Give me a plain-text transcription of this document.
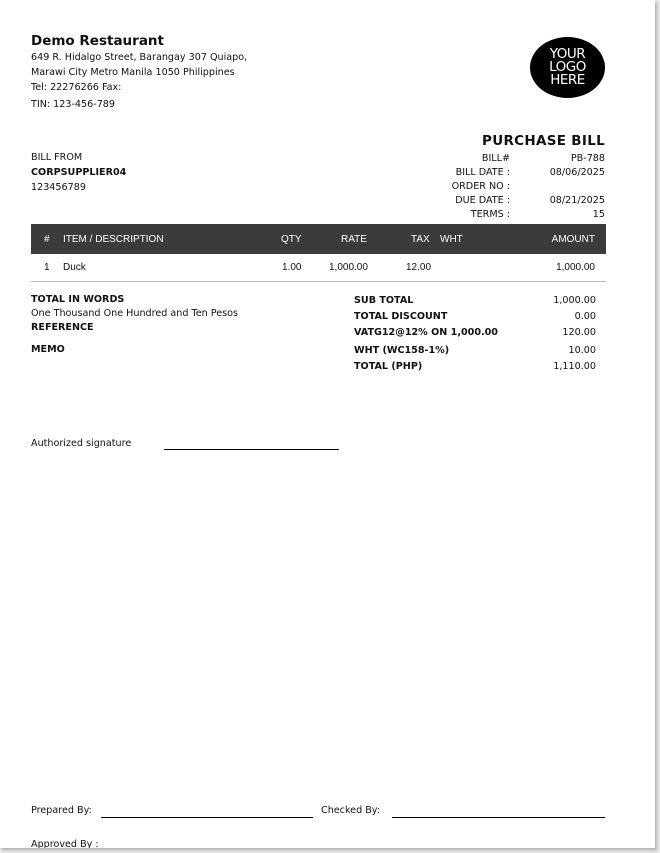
Demo Restaurant
649 R. Hidalgo Street, Barangay 307 Quiapo,
Marawi City Metro Manila 1050 Philippines
Tel: 22276266 Fax:
TIN: 123-456-789
YOUR
LOGO
HERE
PURCHASE BILL
BILL#	PB-788
BILL DATE :	08/06/2025
ORDER NO :
DUE DATE :	08/21/2025
TERMS :	15
BILL FROM
CORPSUPPLIER04
123456789
# ITEM / DESCRIPTION	QTY	RATE	TAX WHT	AMOUNT
1 Duck	1.00	1,000.00	12.00	1,000.00
TOTAL IN WORDS
One Thousand One Hundred and Ten Pesos
REFERENCE
MEMO
SUB TOTAL	1,000.00
TOTAL DISCOUNT	0.00
VATG12@12% ON 1,000.00	120.00
WHT (WC158-1%)	10.00
TOTAL (PHP)	1,110.00
Authorized signature
Prepared By:	Checked By:
Approved By :
